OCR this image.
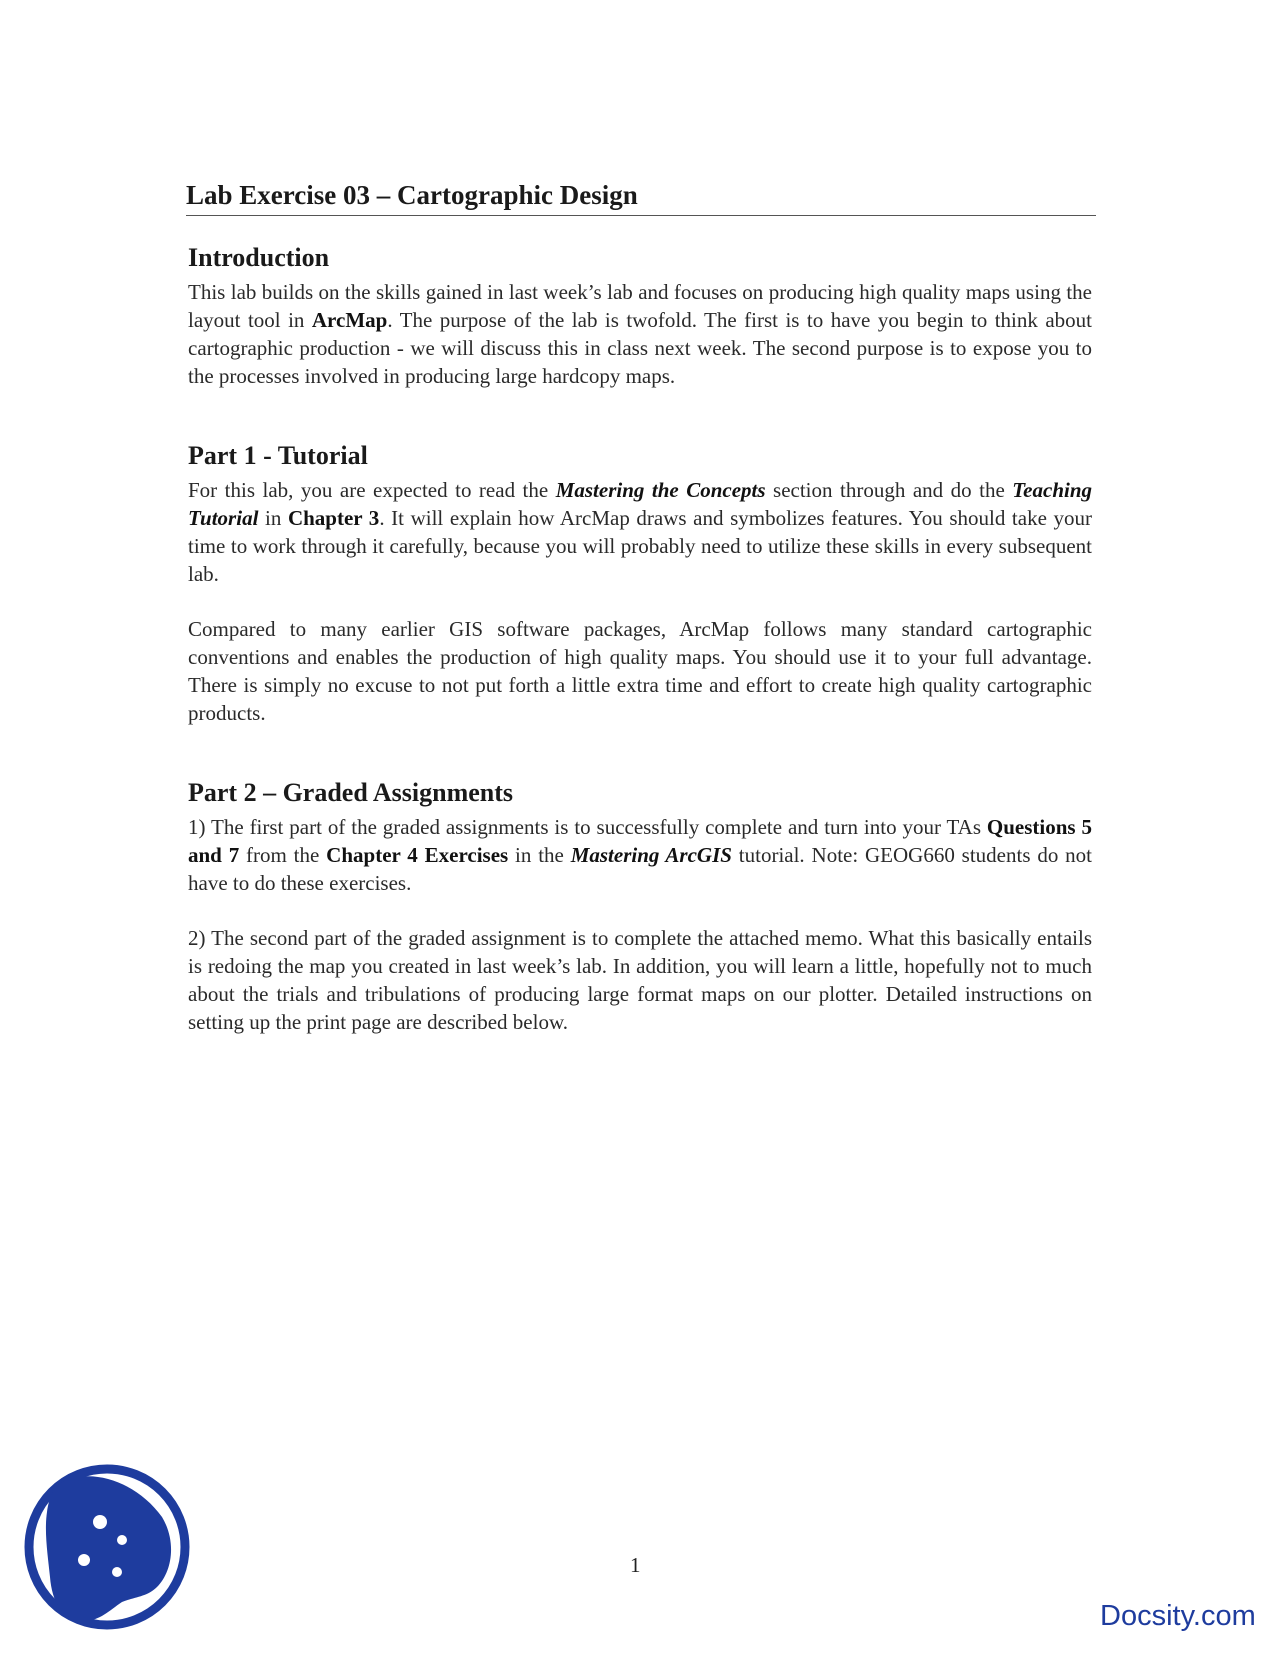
Lab Exercise 03 – Cartographic Design
Introduction

This lab builds on the skills gained in last week’s lab and focuses on producing high quality maps using the layout tool in ArcMap. The purpose of the lab is twofold. The first is to have you begin to think about cartographic production - we will discuss this in class next week. The second purpose is to expose you to the processes involved in producing large hardcopy maps.

Part 1 - Tutorial

For this lab, you are expected to read the Mastering the Concepts section through and do the Teaching Tutorial in Chapter 3. It will explain how ArcMap draws and symbolizes features. You should take your time to work through it carefully, because you will probably need to utilize these skills in every subsequent lab.

Compared to many earlier GIS software packages, ArcMap follows many standard cartographic conventions and enables the production of high quality maps. You should use it to your full advantage. There is simply no excuse to not put forth a little extra time and effort to create high quality cartographic products.

Part 2 – Graded Assignments

1) The first part of the graded assignments is to successfully complete and turn into your TAs Questions 5 and 7 from the Chapter 4 Exercises in the Mastering ArcGIS tutorial. Note: GEOG660 students do not have to do these exercises.

2) The second part of the graded assignment is to complete the attached memo. What this basically entails is redoing the map you created in last week’s lab. In addition, you will learn a little, hopefully not to much about the trials and tribulations of producing large format maps on our plotter. Detailed instructions on setting up the print page are described below.

1
Docsity.com
